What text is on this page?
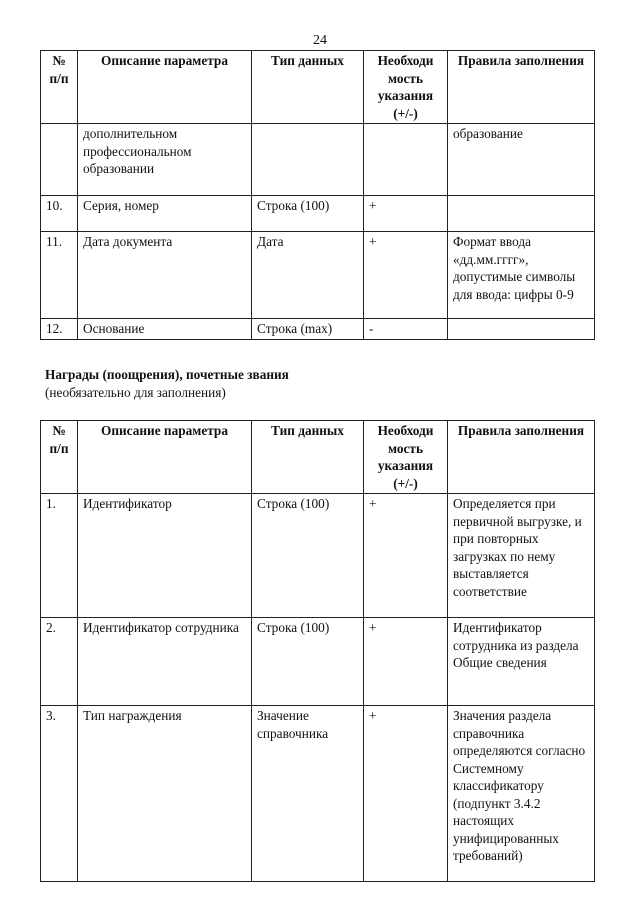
24
№ п/п	Описание параметра	Тип данных	Необходи мость указания (+/-)	Правила заполнения
	дополнительном профессиональном образовании			образование
10.	Серия, номер	Строка (100)	+	
11.	Дата документа	Дата	+	Формат ввода «дд.мм.гггг», допустимые символы для ввода: цифры 0-9
12.	Основание	Строка (max)	-	
Награды (поощрения), почетные звания
(необязательно для заполнения)
№ п/п	Описание параметра	Тип данных	Необходи мость указания (+/-)	Правила заполнения
1.	Идентификатор	Строка (100)	+	Определяется при первичной выгрузке, и при повторных загрузках по нему выставляется соответствие
2.	Идентификатор сотрудника	Строка (100)	+	Идентификатор сотрудника из раздела Общие сведения
3.	Тип награждения	Значение справочника	+	Значения раздела справочника определяются согласно Системному классификатору (подпункт 3.4.2 настоящих унифицированных требований)
